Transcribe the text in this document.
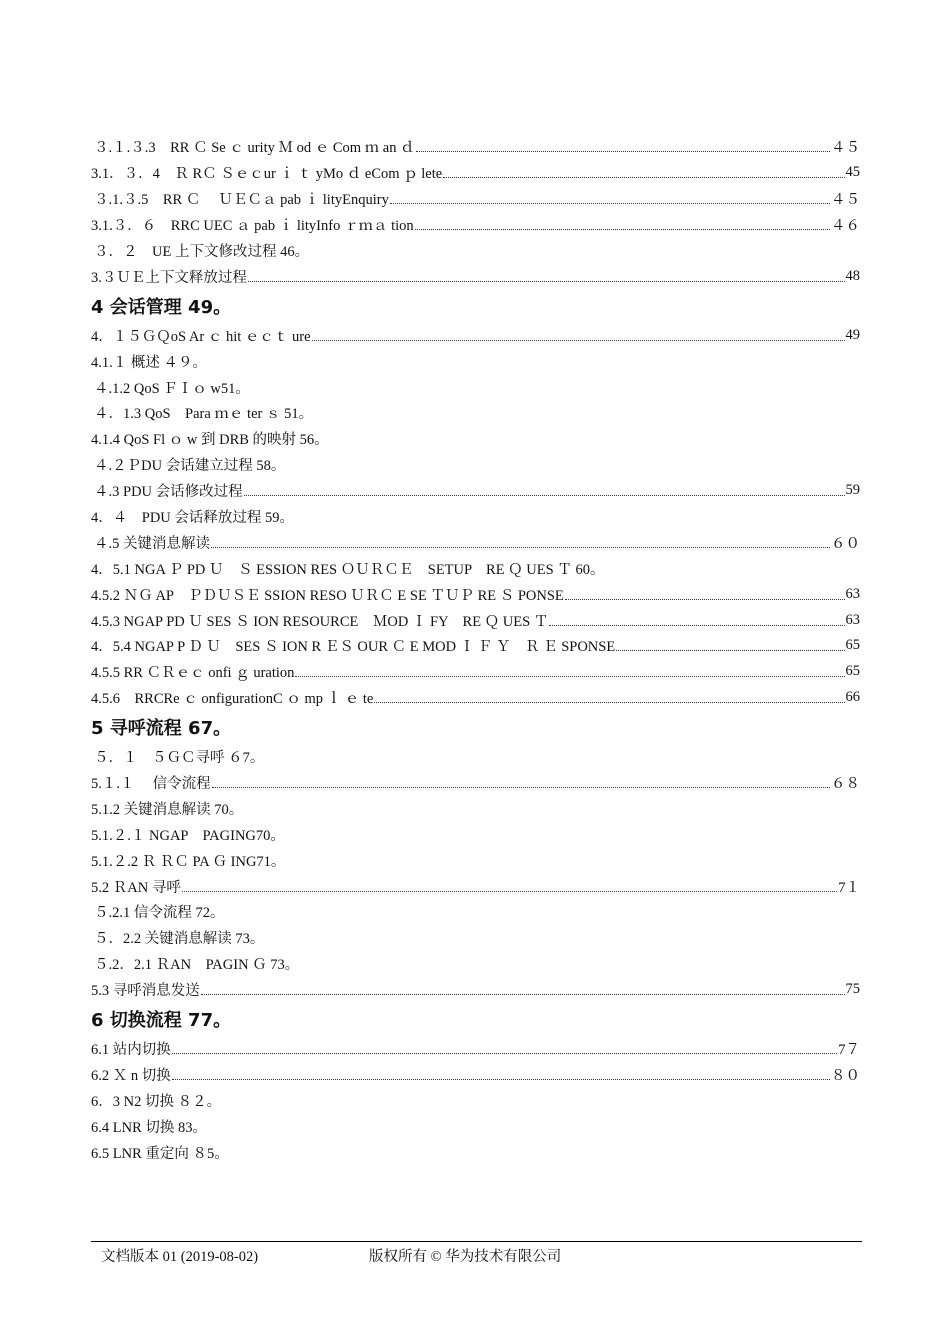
３.１.３.3　RR Ｃ Se ｃ urity Ｍ od ｅ Com ｍ an ｄ	４５
3.1．３．4　Ｒ RＣ Ｓｅｃur ｉ ｔ yMo ｄ eCom ｐ lete	45
３.1.３.5　RR Ｃ　 ＵＥＣａ pab ｉ lityEnquiry	４５
3.1.３．６　RRC UEC ａ pab ｉ lityInfo ｒｍａ tion	４６
３．２　UE 上下文修改过程 46。
3.３ＵＥ上下文释放过程	48
4 会话管理 49。
4．１５ＧＱoS Ar ｃ hit ｅｃｔ ure	49
4.1.１ 概述 ４９。
４.1.2 QoS ＦＩｏ w51。
４．1.3 QoS　Para ｍｅ ter ｓ 51。
4.1.4 QoS Fl ｏ w 到 DRB 的映射 56。
４.２ＰDU 会话建立过程 58。
４.3 PDU 会话修改过程	59
4．４　PDU 会话释放过程 59。
４.5 关键消息解读	６０
4．5.1 NGA Ｐ PD Ｕ　Ｓ ESSION RES ＯＵＲＣＥ　SETUP　RE Ｑ UES Ｔ 60。
4.5.2 ＮＧ AP　ＰＤＵＳＥ SSION RESO ＵＲＣ E SE ＴＵＰ RE Ｓ PONSE	63
4.5.3 NGAP PD Ｕ SES Ｓ ION RESOURCE　ＭOD Ｉ FY　RE Ｑ UES Ｔ	63
4．5.4 NGAP P Ｄ Ｕ　SES Ｓ ION R ＥＳ OUR Ｃ E MOD Ｉ Ｆ Ｙ　Ｒ Ｅ SPONSE	65
4.5.5 RR ＣＲｅｃ onfi ｇ uration	65
4.5.6　RRCRe ｃ onfigurationC ｏ mp ｌ ｅ te	66
5 寻呼流程 67。
５．１　５ＧＣ寻呼 ６7。
5.１.１　 信令流程	６８
5.1.2 关键消息解读 70。
5.1.２.１ NGAP　PAGING70。
5.1.２.2 Ｒ ＲＣ PA Ｇ ING71。
5.2 ＲAN 寻呼	7１
５.2.1 信令流程 72。
５．2.2 关键消息解读 73。
５.2．2.1 ＲAN　PAGIN Ｇ 73。
5.3 寻呼消息发送	75
6 切换流程 77。
6.1 站内切换	7７
6.2 Ｘ n 切换	８０
6．3 N2 切换 ８２。
6.4 LNR 切换 83。
6.5 LNR 重定向 ８5。
文档版本 01 (2019-08-02)	版权所有 © 华为技术有限公司
